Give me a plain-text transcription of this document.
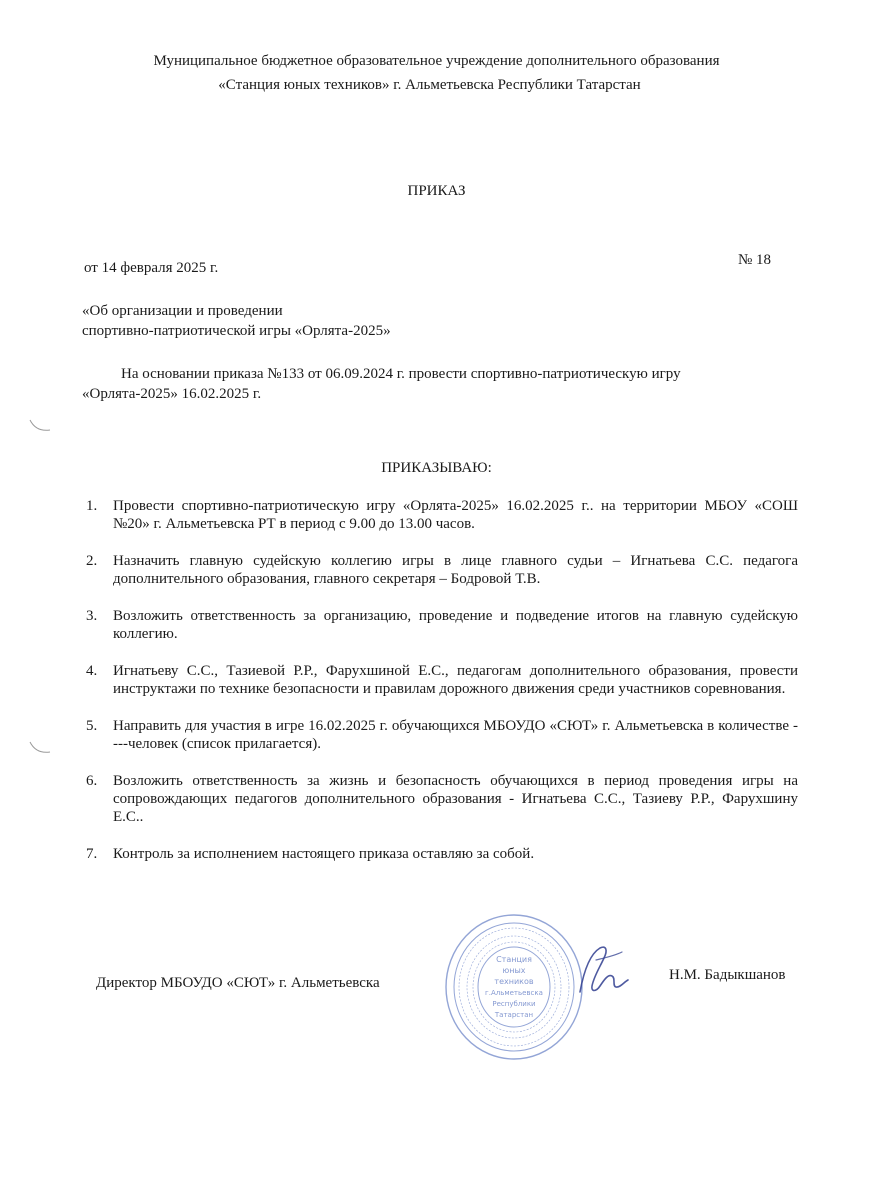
Муниципальное бюджетное образовательное учреждение дополнительного образования
«Станция юных техников» г. Альметьевска Республики Татарстан
ПРИКАЗ
от 14 февраля 2025 г.	№ 18
«Об организации и проведении
спортивно-патриотической игры «Орлята-2025»
На основании приказа №133 от 06.09.2024 г. провести спортивно-патриотическую игру
«Орлята-2025» 16.02.2025 г.
ПРИКАЗЫВАЮ:
1. Провести спортивно-патриотическую игру «Орлята-2025» 16.02.2025 г.. на территории МБОУ «СОШ №20» г. Альметьевска РТ в период с 9.00 до 13.00 часов.
2. Назначить главную судейскую коллегию игры в лице главного судьи – Игнатьева С.С. педагога дополнительного образования, главного секретаря – Бодровой Т.В.
3. Возложить ответственность за организацию, проведение и подведение итогов на главную судейскую коллегию.
4. Игнатьеву С.С., Тазиевой Р.Р., Фарухшиной Е.С., педагогам дополнительного образования, провести инструктажи по технике безопасности и правилам дорожного движения среди участников соревнования.
5. Направить для участия в игре 16.02.2025 г. обучающихся МБОУДО «СЮТ» г. Альметьевска в количестве ----человек (список прилагается).
6. Возложить ответственность за жизнь и безопасность обучающихся в период проведения игры на сопровождающих педагогов дополнительного образования - Игнатьева С.С., Тазиеву Р.Р., Фарухшину Е.С..
7. Контроль за исполнением настоящего приказа оставляю за собой.
Директор МБОУДО «СЮТ» г. Альметьевска	Н.М. Бадыкшанов
Станция
юных
техников
г.Альметьевска
Республики
Татарстан
